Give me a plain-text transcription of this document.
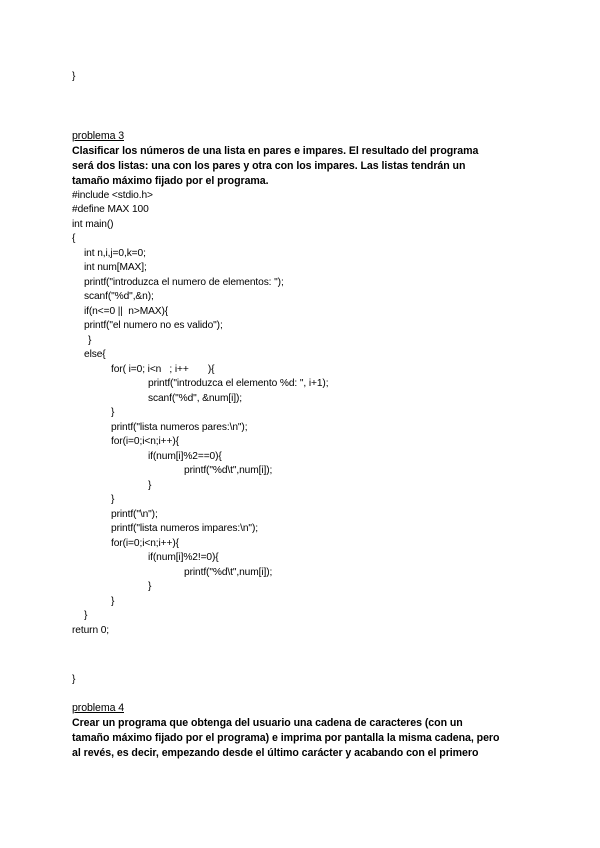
}
problema 3
Clasificar los números de una lista en pares e impares. El resultado del programa
será dos listas: una con los pares y otra con los impares. Las listas tendrán un
tamaño máximo fijado por el programa.
#include <stdio.h>
#define MAX 100
int main()
{
int n,i,j=0,k=0;
int num[MAX];
printf("introduzca el numero de elementos: ");
scanf("%d",&n);
if(n<=0 ||  n>MAX){
printf("el numero no es valido");
}
else{
for( i=0; i<n   ; i++       ){
printf("introduzca el elemento %d: ", i+1);
scanf("%d", &num[i]);
}
printf("lista numeros pares:\n");
for(i=0;i<n;i++){
if(num[i]%2==0){
printf("%d\t",num[i]);
}
}
printf("\n");
printf("lista numeros impares:\n");
for(i=0;i<n;i++){
if(num[i]%2!=0){
printf("%d\t",num[i]);
}
}
}
return 0;
}
problema 4
Crear un programa que obtenga del usuario una cadena de caracteres (con un
tamaño máximo fijado por el programa) e imprima por pantalla la misma cadena, pero
al revés, es decir, empezando desde el último carácter y acabando con el primero
